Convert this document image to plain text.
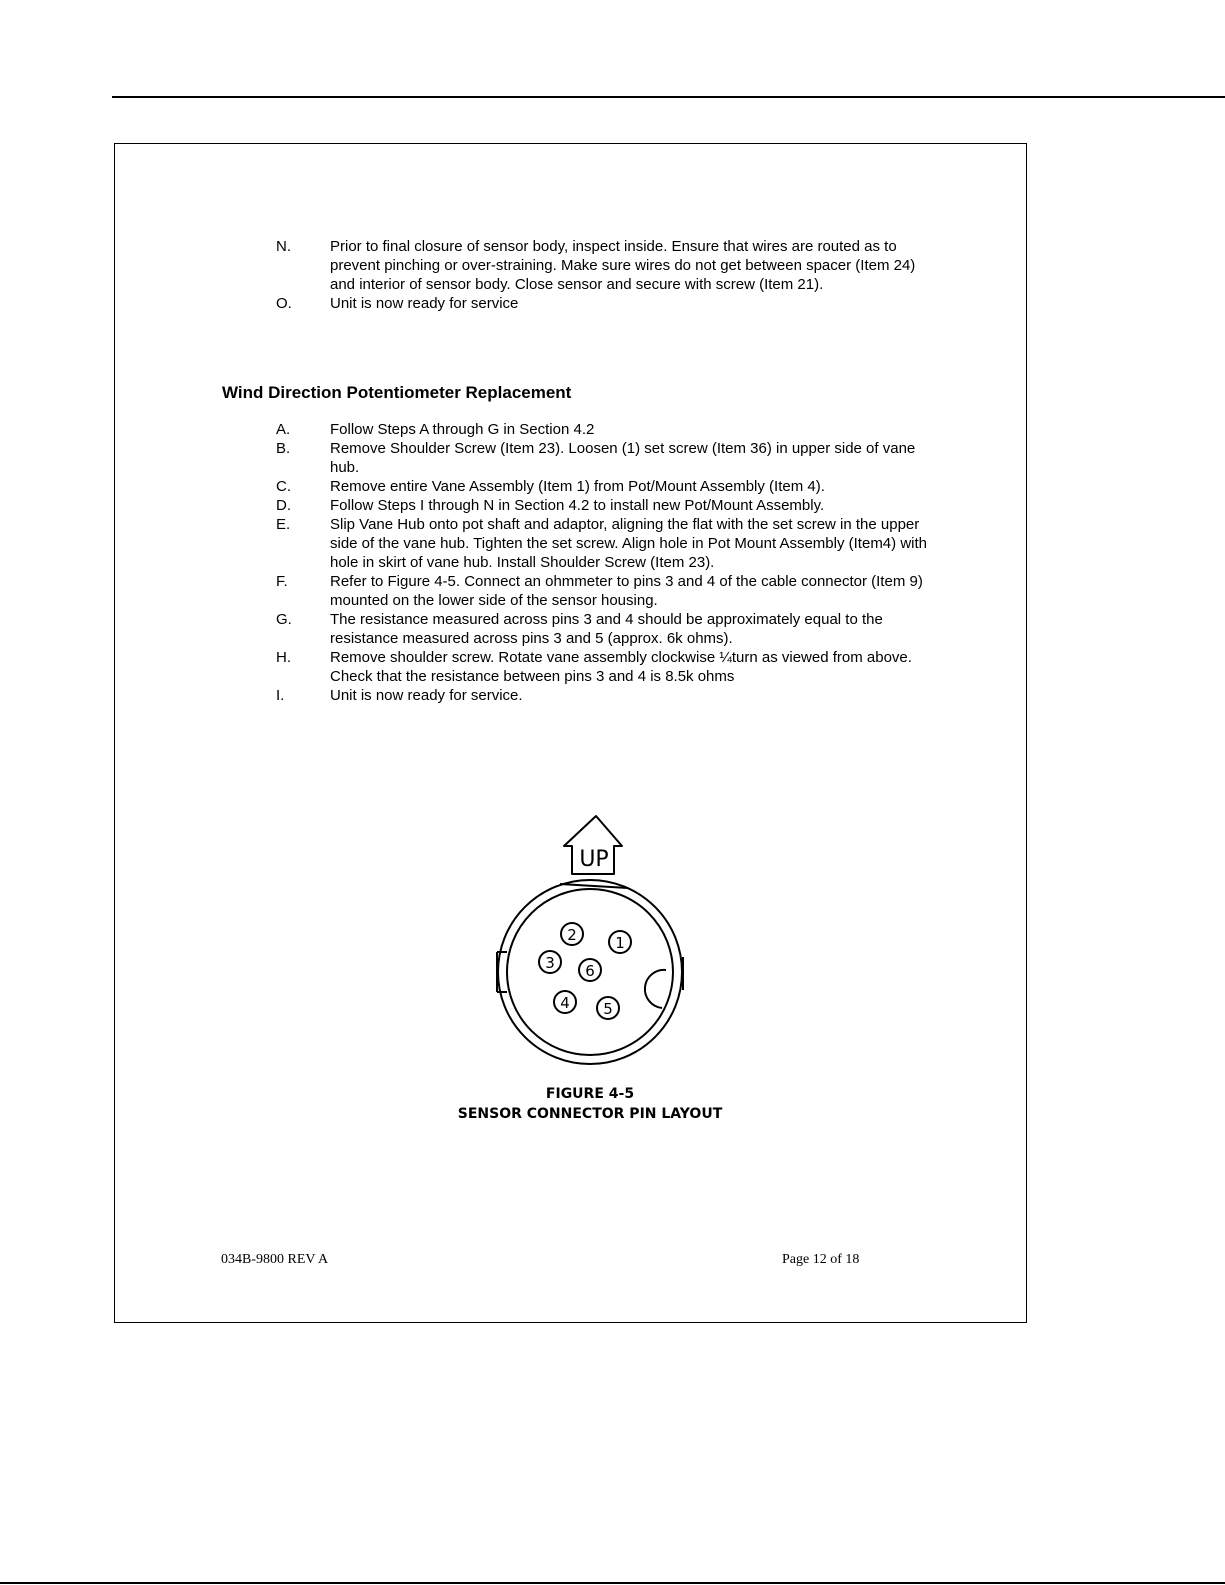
N.	Prior to final closure of sensor body, inspect inside. Ensure that wires are routed as to prevent pinching or over-straining. Make sure wires do not get between spacer (Item 24) and interior of sensor body. Close sensor and secure with screw (Item 21).
O.	Unit is now ready for service
Wind Direction Potentiometer Replacement
A.	Follow Steps A through G in Section 4.2
B.	Remove Shoulder Screw (Item 23). Loosen (1) set screw (Item 36) in upper side of vane hub.
C.	Remove entire Vane Assembly (Item 1) from Pot/Mount Assembly (Item 4).
D.	Follow Steps I through N in Section 4.2 to install new Pot/Mount Assembly.
E.	Slip Vane Hub onto pot shaft and adaptor, aligning the flat with the set screw in the upper side of the vane hub. Tighten the set screw. Align hole in Pot Mount Assembly (Item4) with hole in skirt of vane hub. Install Shoulder Screw (Item 23).
F.	Refer to Figure 4-5. Connect an ohmmeter to pins 3 and 4 of the cable connector (Item 9) mounted on the lower side of the sensor housing.
G.	The resistance measured across pins 3 and 4 should be approximately equal to the resistance measured across pins 3 and 5 (approx. 6k ohms).
H.	Remove shoulder screw. Rotate vane assembly clockwise ¼turn as viewed from above. Check that the resistance between pins 3 and 4 is 8.5k ohms
I.	Unit is now ready for service.
UP
1
2
3
4 5
6

FIGURE 4-5

SENSOR CONNECTOR PIN LAYOUT

034B-9800 REV A	Page 12 of 18
